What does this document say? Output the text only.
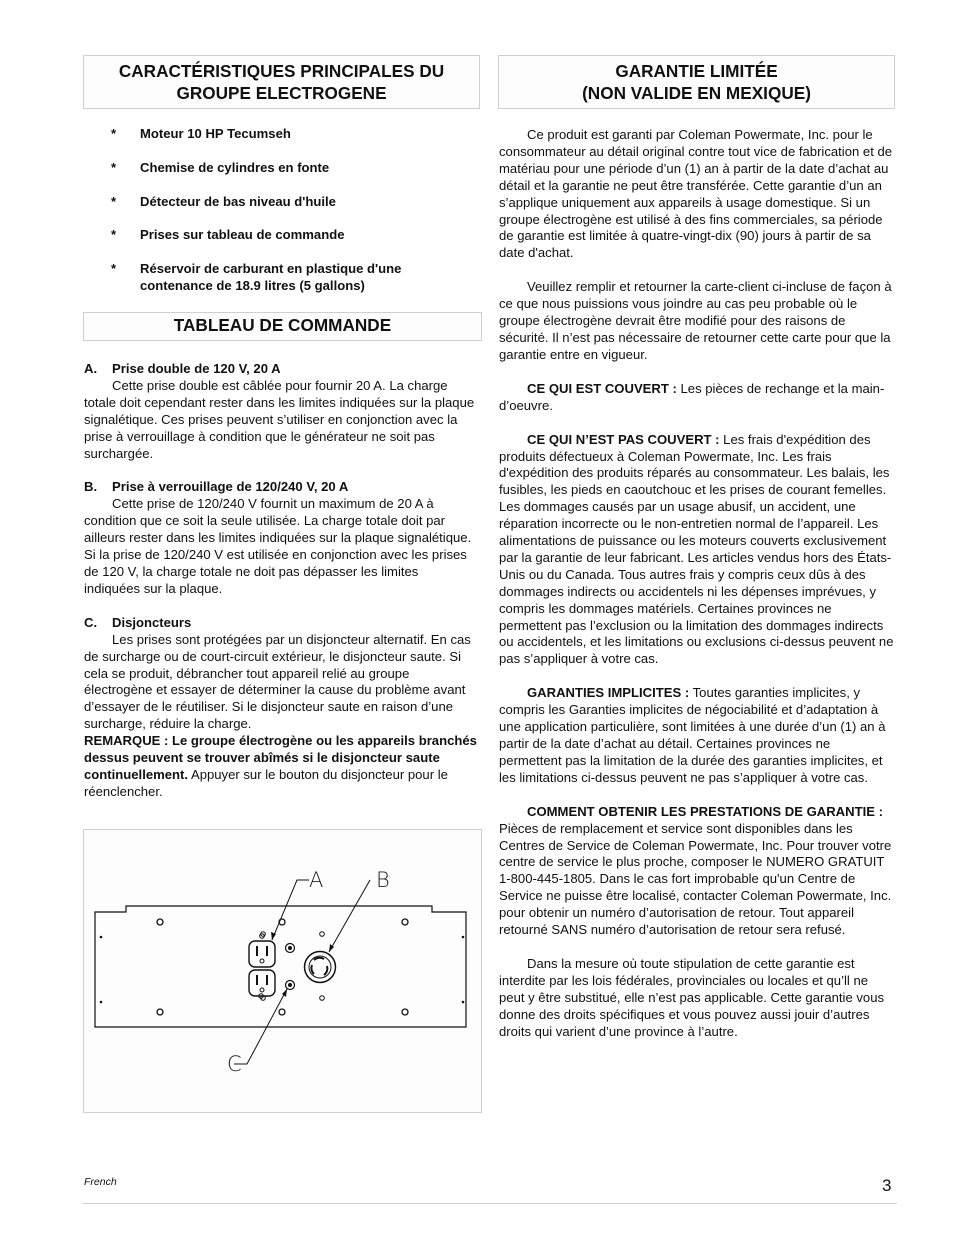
CARACTÉRISTIQUES PRINCIPALES DU
GROUPE ELECTROGENE
* Moteur 10 HP Tecumseh
* Chemise de cylindres en fonte
* Détecteur de bas niveau d'huile
* Prises sur tableau de commande
* Réservoir de carburant en plastique d'une contenance de 18.9 litres (5 gallons)
TABLEAU DE COMMANDE
A. Prise double de 120 V, 20 A

Cette prise double est câblée pour fournir 20 A. La charge totale doit cependant rester dans les limites indiquées sur la plaque signalétique. Ces prises peuvent s’utiliser en conjonction avec la prise à verrouillage à condition que le générateur ne soit pas surchargée.

B. Prise à verrouillage de 120/240 V, 20 A

Cette prise de 120/240 V fournit un maximum de 20 A à condition que ce soit la seule utilisée. La charge totale doit par ailleurs rester dans les limites indiquées sur la plaque signalétique. Si la prise de 120/240 V est utilisée en conjonction avec les prises de 120 V, la charge totale ne doit pas dépasser les limites indiquées sur la plaque.

C. Disjoncteurs

Les prises sont protégées par un disjoncteur alternatif. En cas de surcharge ou de court-circuit extérieur, le disjoncteur saute. Si cela se produit, débrancher tout appareil relié au groupe électrogène et essayer de déterminer la cause du problème avant d’essayer de le réutiliser. Si le disjoncteur saute en raison d’une surcharge, réduire la charge.

REMARQUE : Le groupe électrogène ou les appareils branchés dessus peuvent se trouver abîmés si le disjoncteur saute continuellement. Appuyer sur le bouton du disjoncteur pour le réenclencher.

A	B
C
GARANTIE LIMITÉE
(NON VALIDE EN MEXIQUE)

Ce produit est garanti par Coleman Powermate, Inc. pour le consommateur au détail original contre tout vice de fabrication et de matériau pour une période d’un (1) an à partir de la date d’achat au détail et la garantie ne peut être transférée. Cette garantie d’un an s’applique uniquement aux appareils à usage domestique. Si un groupe électrogène est utilisé à des fins commerciales, sa période de garantie est limitée à quatre-vingt-dix (90) jours à partir de sa date d'achat.

Veuillez remplir et retourner la carte-client ci-incluse de façon à ce que nous puissions vous joindre au cas peu probable où le groupe électrogène devrait être modifié pour des raisons de sécurité. Il n’est pas nécessaire de retourner cette carte pour que la garantie entre en vigueur.

CE QUI EST COUVERT : Les pièces de rechange et la main-d’oeuvre.

CE QUI N’EST PAS COUVERT : Les frais d'expédition des produits défectueux à Coleman Powermate, Inc. Les frais d'expédition des produits réparés au consommateur. Les balais, les fusibles, les pieds en caoutchouc et les prises de courant femelles. Les dommages causés par un usage abusif, un accident, une réparation incorrecte ou le non-entretien normal de l’appareil. Les alimentations de puissance ou les moteurs couverts exclusivement par la garantie de leur fabricant. Les articles vendus hors des États-Unis ou du Canada. Tous autres frais y compris ceux dûs à des dommages indirects ou accidentels ni les dépenses imprévues, y compris les dommages matériels. Certaines provinces ne permettent pas l’exclusion ou la limitation des dommages indirects ou accidentels, et les limitations ou exclusions ci-dessus peuvent ne pas s’appliquer à votre cas.

GARANTIES IMPLICITES : Toutes garanties implicites, y compris les Garanties implicites de négociabilité et d’adaptation à une application particulière, sont limitées à une durée d’un (1) an à partir de la date d’achat au détail. Certaines provinces ne permettent pas la limitation de la durée des garanties implicites, et les limitations ci-dessus peuvent ne pas s’appliquer à votre cas.

COMMENT OBTENIR LES PRESTATIONS DE GARANTIE : Pièces de remplacement et service sont disponibles dans les Centres de Service de Coleman Powermate, Inc. Pour trouver votre centre de service le plus proche, composer le NUMERO GRATUIT 1-800-445-1805. Dans le cas fort improbable qu'un Centre de Service ne puisse être localisé, contacter Coleman Powermate, Inc. pour obtenir un numéro d’autorisation de retour. Tout appareil retourné SANS numéro d’autorisation de retour sera refusé.

Dans la mesure où toute stipulation de cette garantie est interdite par les lois fédérales, provinciales ou locales et qu’ll ne peut y être substitué, elle n’est pas applicable. Cette garantie vous donne des droits spécifiques et vous pouvez aussi jouir d’autres droits qui varient d’une province à l’autre.

French	3
